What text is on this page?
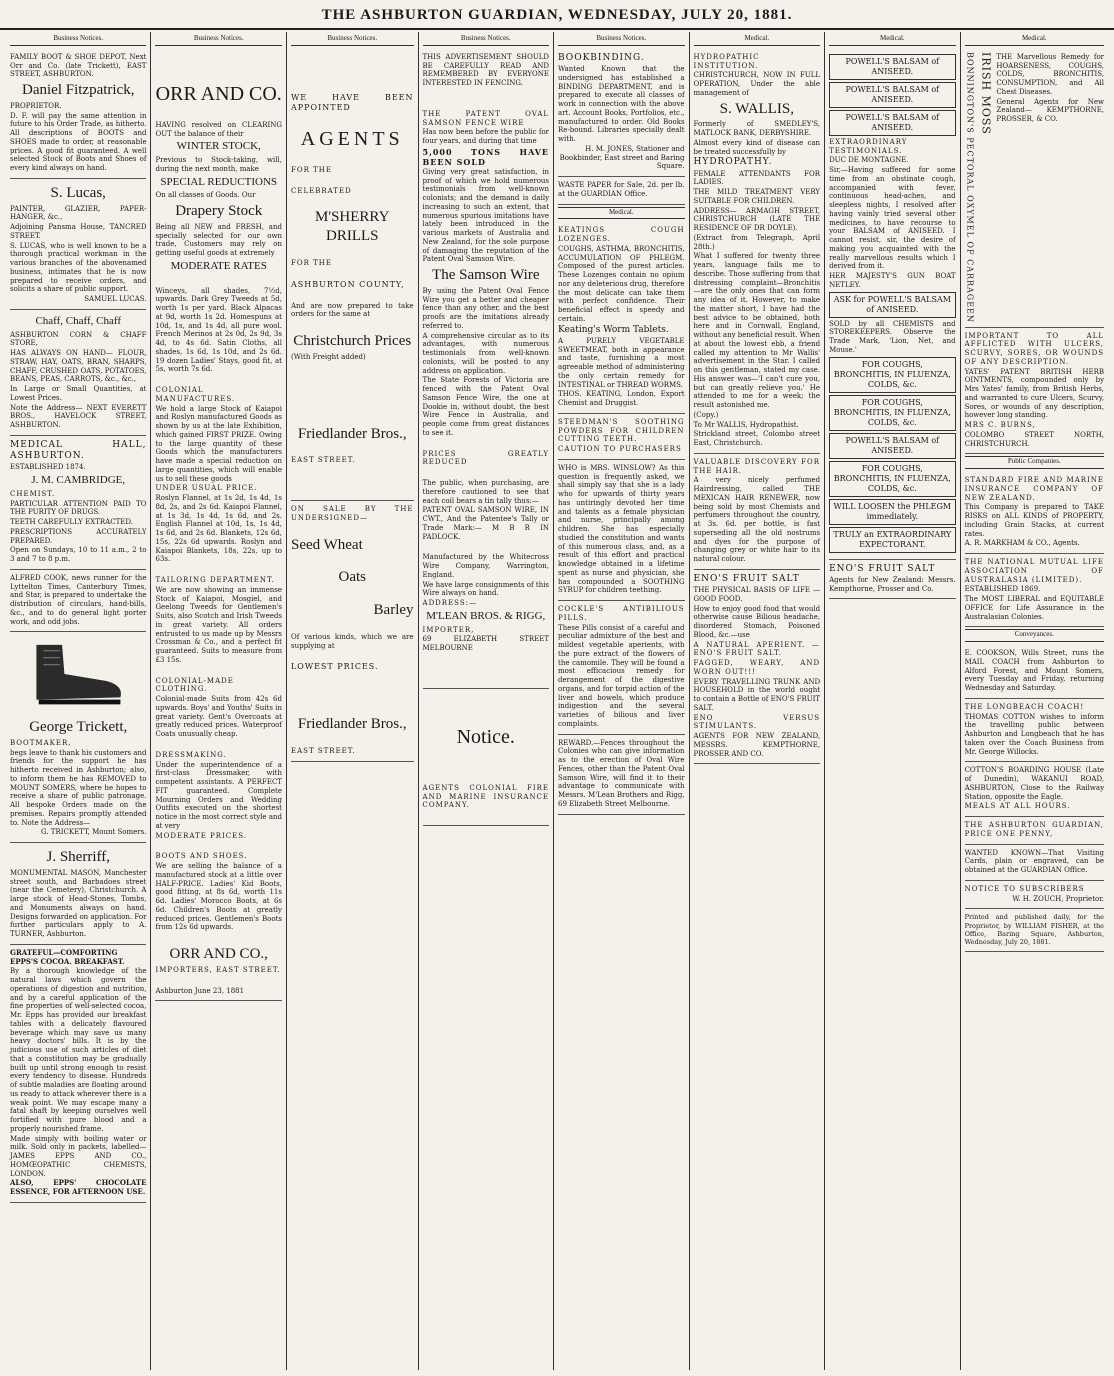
THE ASHBURTON GUARDIAN, WEDNESDAY, JULY 20, 1881.
Business Notices.

FAMILY BOOT & SHOE DEPOT, Next Orr and Co. (late Trickett), EAST STREET, ASHBURTON.

Daniel Fitzpatrick,

PROPRIETOR.

D. F. will pay the same attention in future to his Order Trade, as hitherto. All descriptions of BOOTS and SHOES made to order, at reasonable prices. A good fit guaranteed. A well selected Stock of Boots and Shoes of every kind always on hand.

S. Lucas,

PAINTER, GLAZIER, PAPER-HANGER, &c.,

Adjoining Pansma House, TANCRED STREET.

S. LUCAS, who is well known to be a thorough practical workman in the various branches of the abovenamed business, intimates that he is now prepared to receive orders, and solicits a share of public support.

SAMUEL LUCAS.

Chaff, Chaff, Chaff

ASHBURTON CORN & CHAFF STORE,

HAS ALWAYS ON HAND— FLOUR, STRAW, HAY, OATS, BRAN, SHARPS, CHAFF, CRUSHED OATS, POTATOES, BEANS, PEAS, CARROTS, &c., &c.,

In Large or Small Quantities, at Lowest Prices.

Note the Address— NEXT EVERETT BROS., HAVELOCK STREET, ASHBURTON.

MEDICAL HALL, ASHBURTON.

ESTABLISHED 1874.

J. M. CAMBRIDGE,

CHEMIST.

PARTICULAR ATTENTION PAID TO THE PURITY OF DRUGS.

TEETH CAREFULLY EXTRACTED.

PRESCRIPTIONS ACCURATELY PREPARED.

Open on Sundays, 10 to 11 a.m., 2 to 3 and 7 to 8 p.m.

ALFRED COOK, news runner for the Lyttelton Times, Canterbury Times, and Star, is prepared to undertake the distribution of circulars, hand-bills, &c., and to do general light porter work, and odd jobs.

George Trickett,

BOOTMAKER,

begs leave to thank his customers and friends for the support he has hitherto received in Ashburton; also, to inform them he has REMOVED to MOUNT SOMERS, where he hopes to receive a share of public patronage. All bespoke Orders made on the premises. Repairs promptly attended to. Note the Address—

G. TRICKETT, Mount Somers.

J. Sherriff,

MONUMENTAL MASON, Manchester street south, and Barbadoes street (near the Cemetery), Christchurch. A large stock of Head-Stones, Tombs, and Monuments always on hand. Designs forwarded on application. For further particulars apply to A. TURNER, Ashburton.

GRATEFUL—COMFORTING EPPS'S COCOA. BREAKFAST.

By a thorough knowledge of the natural laws which govern the operations of digestion and nutrition, and by a careful application of the fine properties of well-selected cocoa, Mr. Epps has provided our breakfast tables with a delicately flavoured beverage which may save us many heavy doctors' bills. It is by the judicious use of such articles of diet that a constitution may be gradually built up until strong enough to resist every tendency to disease. Hundreds of subtle maladies are floating around us ready to attack wherever there is a weak point. We may escape many a fatal shaft by keeping ourselves well fortified with pure blood and a properly nourished frame.

Made simply with boiling water or milk. Sold only in packets, labelled— JAMES EPPS AND CO., HOMŒOPATHIC CHEMISTS, LONDON.

ALSO, EPPS' CHOCOLATE ESSENCE, FOR AFTERNOON USE.

Business Notices.
ORR AND CO.

HAVING resolved on CLEARING OUT the balance of their

WINTER STOCK,

Previous to Stock-taking, will, during the next month, make

SPECIAL REDUCTIONS

On all classes of Goods. Our

Drapery Stock

Being all NEW and FRESH, and specially selected for our own trade, Customers may rely on getting useful goods at extremely

MODERATE RATES

Winceys, all shades, 7½d, upwards. Dark Grey Tweeds at 5d, worth 1s per yard. Black Alpacas at 9d, worth 1s 2d. Homespuns at 10d, 1s, and 1s 4d, all pure wool. French Merinos at 2s 0d, 2s 9d, 3s 4d, to 4s 6d. Satin Cloths, all shades, 1s 6d, 1s 10d, and 2s 6d. 19 dozen Ladies' Stays, good fit, at 5s, worth 7s 6d.

COLONIAL MANUFACTURES.

We hold a large Stock of Kaiapoi and Roslyn manufactured Goods as shown by us at the late Exhibition, which gained FIRST PRIZE. Owing to the large quantity of these Goods which the manufacturers have made a special reduction on large quantities, which will enable us to sell these goods

UNDER USUAL PRICE.

Roslyn Flannel, at 1s 2d, 1s 4d, 1s 8d, 2s, and 2s 6d. Kaiapoi Flannel, at 1s 3d, 1s 4d, 1s 6d, and 2s. English Flannel at 10d, 1s, 1s 4d, 1s 6d, and 2s 6d. Blankets, 12s 6d, 15s, 22s 6d upwards. Roslyn and Kaiapoi Blankets, 18s, 22s, up to 63s.

TAILORING DEPARTMENT.

We are now showing an immense Stock of Kaiapoi, Mosgiel, and Geelong Tweeds for Gentlemen's Suits, also Scotch and Irish Tweeds in great variety. All orders entrusted to us made up by Messrs Crossman & Co., and a perfect fit guaranteed. Suits to measure from £3 15s.

COLONIAL-MADE CLOTHING.

Colonial-made Suits from 42s 6d upwards. Boys' and Youths' Suits in great variety. Gent's Overcoats at greatly reduced prices. Waterproof Coats unusually cheap.

DRESSMAKING.

Under the superintendence of a first-class Dressmaker, with competent assistants. A PERFECT FIT guaranteed. Complete Mourning Orders and Wedding Outfits executed on the shortest notice in the most correct style and at very

MODERATE PRICES.

BOOTS AND SHOES.

We are selling the balance of a manufactured stock at a little over HALF-PRICE. Ladies' Kid Boots, good fitting, at 8s 6d, worth 11s 6d. Ladies' Morocco Boots, at 6s 6d. Children's Boots at greatly reduced prices. Gentlemen's Boots from 12s 6d upwards.

ORR AND CO.,

IMPORTERS, EAST STREET.

Ashburton June 23, 1881

Business Notices.

WE HAVE BEEN APPOINTED

AGENTS

FOR THE

CELEBRATED

M'SHERRY DRILLS

FOR THE

ASHBURTON COUNTY,

And are now prepared to take orders for the same at

Christchurch Prices

(With Freight added)

Friedlander Bros.,

EAST STREET.

ON SALE BY THE UNDERSIGNED—

Seed Wheat
Oats
Barley

Of various kinds, which we are supplying at

LOWEST PRICES.

Friedlander Bros.,

EAST STREET.

Business Notices.

THIS ADVERTISEMENT SHOULD BE CAREFULLY READ AND REMEMBERED BY EVERYONE INTERESTED IN FENCING.

THE PATENT OVAL SAMSON FENCE WIRE

Has now been before the public for four years, and during that time

5,000 TONS HAVE BEEN SOLD

Giving very great satisfaction, in proof of which we hold numerous testimonials from well-known colonists; and the demand is daily increasing to such an extent, that numerous spurious imitations have lately been introduced in the various markets of Australia and New Zealand, for the sole purpose of damaging the reputation of the Patent Oval Samson Wire.

The Samson Wire

By using the Patent Oval Fence Wire you get a better and cheaper fence than any other, and the best proofs are the imitations already referred to.

A comprehensive circular as to its advantages, with numerous testimonials from well-known colonists, will be posted to any address on application.

The State Forests of Victoria are fenced with the Patent Oval Samson Fence Wire, the one at Dookie in, without doubt, the best Wire Fence in Australia, and people come from great distances to see it.

PRICES GREATLY REDUCED

The public, when purchasing, are therefore cautioned to see that each coil bears a tin tally thus:—

PATENT OVAL SAMSON WIRE, IN CWT., And the Patentee's Tally or Trade Mark:— M B R IN PADLOCK.

Manufactured by the Whitecross Wire Company, Warrington, England.

We have large consignments of this Wire always on hand.

ADDRESS:—

M'LEAN BROS. & RIGG,

IMPORTER,

69 ELIZABETH STREET MELBOURNE

Notice.

AGENTS COLONIAL FIRE AND MARINE INSURANCE COMPANY.

Business Notices.

BOOKBINDING.

Wanted Known that the undersigned has established a BINDING DEPARTMENT, and is prepared to execute all classes of work in connection with the above art. Account Books, Portfolios, etc., manufactured to order. Old Books Re-bound. Libraries specially dealt with.

H. M. JONES, Stationer and Bookbinder, East street and Baring Square.

WASTE PAPER for Sale, 2d. per lb. at the GUARDIAN Office.

Medical.

KEATINGS COUGH LOZENGES.

COUGHS, ASTHMA, BRONCHITIS, ACCUMULATION OF PHLEGM. Composed of the purest articles. These Lozenges contain no opium nor any deleterious drug, therefore the most delicate can take them with perfect confidence. Their beneficial effect is speedy and certain.

Keating's Worm Tablets.

A PURELY VEGETABLE SWEETMEAT, both in appearance and taste, furnishing a most agreeable method of administering the only certain remedy for INTESTINAL or THREAD WORMS.

THOS. KEATING, London, Export Chemist and Druggist.

STEEDMAN'S SOOTHING POWDERS FOR CHILDREN CUTTING TEETH.

CAUTION TO PURCHASERS

WHO is MRS. WINSLOW? As this question is frequently asked, we shall simply say that she is a lady who for upwards of thirty years has untiringly devoted her time and talents as a female physician and nurse, principally among children. She has especially studied the constitution and wants of this numerous class, and, as a result of this effort and practical knowledge obtained in a lifetime spent as nurse and physician, she has compounded a SOOTHING SYRUP for children teething.

COCKLE'S ANTIBILIOUS PILLS.

These Pills consist of a careful and peculiar admixture of the best and mildest vegetable aperients, with the pure extract of the flowers of the camomile. They will be found a most efficacious remedy for derangement of the digestive organs, and for torpid action of the liver and bowels, which produce indigestion and the several varieties of bilious and liver complaints.

REWARD.—Fences throughout the Colonies who can give information as to the erection of Oval Wire Fences, other than the Patent Oval Samson Wire, will find it to their advantage to communicate with Messrs. M'Lean Brothers and Rigg, 69 Elizabeth Street Melbourne.

Medical.

HYDROPATHIC INSTITUTION.

CHRISTCHURCH, NOW IN FULL OPERATION, Under the able management of

S. WALLIS,

Formerly of SMEDLEY'S, MATLOCK BANK, DERBYSHIRE.

Almost every kind of disease can be treated successfully by

HYDROPATHY.

FEMALE ATTENDANTS FOR LADIES.

THE MILD TREATMENT VERY SUITABLE FOR CHILDREN.

ADDRESS— ARMAGH STREET, CHRISTCHURCH (LATE THE RESIDENCE OF DR DOYLE).

(Extract from Telegraph, April 28th.)

What I suffered for twenty three years, language fails me to describe. Those suffering from that distressing complaint—Bronchitis—are the only ones that can form any idea of it. However, to make the matter short, I have had the best advice to be obtained, both here and in Cornwall, England, without any beneficial result. When at about the lowest ebb, a friend called my attention to Mr Wallis' advertisement in the Star. I called on this gentleman, stated my case. His answer was—'I can't cure you, but can greatly relieve you.' He attended to me for a week; the result astonished me.

(Copy.)

To Mr WALLIS, Hydropathist.

Strickland street, Colombo street East, Christchurch.

VALUABLE DISCOVERY FOR THE HAIR.

A very nicely perfumed Hairdressing, called THE MEXICAN HAIR RENEWER, now being sold by most Chemists and perfumers throughout the country, at 3s. 6d. per bottle, is fast superseding all the old nostrums and dyes for the purpose of changing grey or white hair to its natural colour.

ENO'S FRUIT SALT

THE PHYSICAL BASIS OF LIFE — GOOD FOOD.

How to enjoy good food that would otherwise cause Bilious headache, disordered Stomach, Poisoned Blood, &c.—use

A NATURAL APERIENT. — ENO'S FRUIT SALT.

FAGGED, WEARY, AND WORN OUT!!!

EVERY TRAVELLING TRUNK AND HOUSEHOLD in the world ought to contain a Bottle of ENO'S FRUIT SALT.

ENO VERSUS STIMULANTS.

AGENTS FOR NEW ZEALAND, MESSRS. KEMPTHORNE, PROSSER AND CO.

Medical.
POWELL'S BALSAM of ANISEED.
POWELL'S BALSAM of ANISEED.
POWELL'S BALSAM of ANISEED.

EXTRAORDINARY TESTIMONIALS.

DUC DE MONTAGNE.

Sir,—Having suffered for some time from an obstinate cough, accompanied with fever, continuous head-aches, and sleepless nights, I resolved after having vainly tried several other medicines, to have recourse to your BALSAM of ANISEED. I cannot resist, sir, the desire of making you acquainted with the really marvellous results which I derived from it.

HER MAJESTY'S GUN BOAT NETLEY.

ASK for POWELL'S BALSAM of ANISEED.

SOLD by all CHEMISTS and STOREKEEPERS. Observe the Trade Mark, 'Lion, Net, and Mouse.'

FOR COUGHS, BRONCHITIS, IN FLUENZA, COLDS, &c.
FOR COUGHS, BRONCHITIS, IN FLUENZA, COLDS, &c.
POWELL'S BALSAM of ANISEED.
FOR COUGHS, BRONCHITIS, IN FLUENZA, COLDS, &c.
WILL LOOSEN the PHLEGM immediately.
TRULY an EXTRAORDINARY EXPECTORANT.

ENO'S FRUIT SALT

Agents for New Zealand: Messrs. Kempthorne, Prosser and Co.

Medical.
BONNINGTON'S PECTORAL OXYMEL OF CARRAGEEN IRISH MOSS THE Marvellous Remedy for HOARSENESS, COUGHS, COLDS, BRONCHITIS, CONSUMPTION, and All Chest Diseases.

General Agents for New Zealand— KEMPTHORNE, PROSSER, & CO.

IMPORTANT TO ALL AFFLICTED WITH ULCERS, SCURVY, SORES, OR WOUNDS OF ANY DESCRIPTION.

YATES' PATENT BRITISH HERB OINTMENTS, compounded only by Mrs Yates' family, from British Herbs, and warranted to cure Ulcers, Scurvy, Sores, or wounds of any description, however long standing.

MRS C. BURNS,

COLOMBO STREET NORTH, CHRISTCHURCH.

Public Companies.

STANDARD FIRE AND MARINE INSURANCE COMPANY OF NEW ZEALAND.

This Company is prepared to TAKE RISKS on ALL KINDS of PROPERTY, including Grain Stacks, at current rates.

A. R. MARKHAM & CO., Agents.

THE NATIONAL MUTUAL LIFE ASSOCIATION OF AUSTRALASIA (LIMITED).

ESTABLISHED 1869.

The MOST LIBERAL and EQUITABLE OFFICE for Life Assurance in the Australasian Colonies.

Conveyances.

E. COOKSON, Wills Street, runs the MAIL COACH from Ashburton to Alford Forest, and Mount Somers, every Tuesday and Friday, returning Wednesday and Saturday.

THE LONGBEACH COACH!

THOMAS COTTON wishes to inform the travelling public between Ashburton and Longbeach that he has taken over the Coach Business from Mr. George Willocks.

COTTON'S BOARDING HOUSE (Late of Dunedin), WAKANUI ROAD, ASHBURTON, Close to the Railway Station, opposite the Eagle.

MEALS AT ALL HOURS.

THE ASHBURTON GUARDIAN, PRICE ONE PENNY,

WANTED KNOWN—That Visiting Cards, plain or engraved, can be obtained at the GUARDIAN Office.

NOTICE TO SUBSCRIBERS

W. H. ZOUCH, Proprietor.

Printed and published daily, for the Proprietor, by WILLIAM FISHER, at the Office, Baring Square, Ashburton, Wednesday, July 20, 1881.
